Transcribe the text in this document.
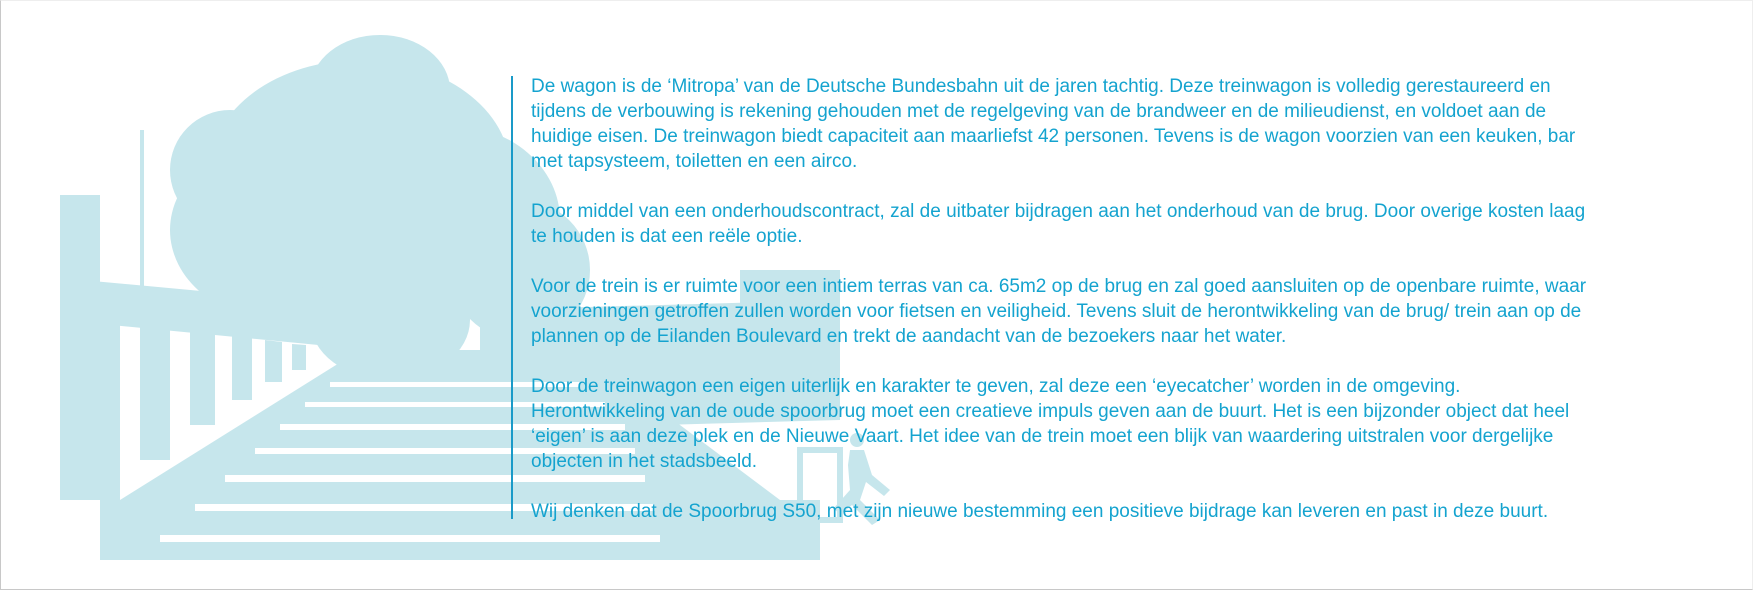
De wagon is de ‘Mitropa’ van de Deutsche Bundesbahn uit de jaren tachtig. Deze treinwagon is volledig gerestaureerd en
tijdens de verbouwing is rekening gehouden met de regelgeving van de brandweer en de milieudienst, en voldoet aan de
huidige eisen. De treinwagon biedt capaciteit aan maarliefst 42 personen. Tevens is de wagon voorzien van een keuken, bar
met tapsysteem, toiletten en een airco.

Door middel van een onderhoudscontract, zal de uitbater bijdragen aan het onderhoud van de brug. Door overige kosten laag
te houden is dat een reële optie.

Voor de trein is er ruimte voor een intiem terras van ca. 65m2 op de brug en zal goed aansluiten op de openbare ruimte, waar
voorzieningen getroffen zullen worden voor fietsen en veiligheid. Tevens sluit de herontwikkeling van de brug/ trein aan op de
plannen op de Eilanden Boulevard en trekt de aandacht van de bezoekers naar het water.

Door de treinwagon een eigen uiterlijk en karakter te geven, zal deze een ‘eyecatcher’ worden in de omgeving.
Herontwikkeling van de oude spoorbrug moet een creatieve impuls geven aan de buurt. Het is een bijzonder object dat heel
‘eigen’ is aan deze plek en de Nieuwe Vaart. Het idee van de trein moet een blijk van waardering uitstralen voor dergelijke
objecten in het stadsbeeld.

Wij denken dat de Spoorbrug S50, met zijn nieuwe bestemming een positieve bijdrage kan leveren en past in deze buurt.
